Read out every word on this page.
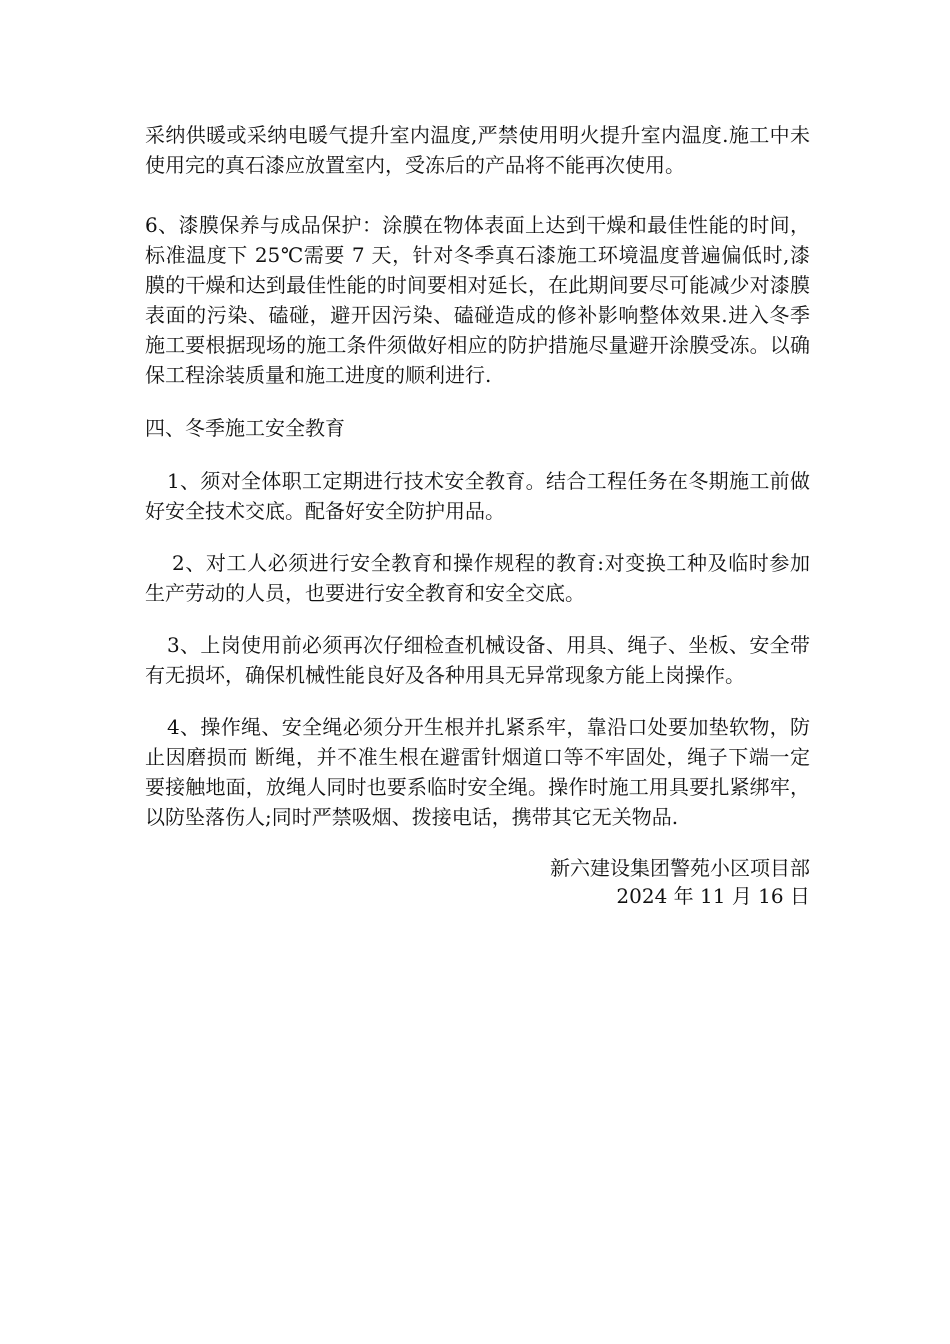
采纳供暖或采纳电暖气提升室内温度,严禁使用明火提升室内温度.施工中未使用完的真石漆应放置室内，受冻后的产品将不能再次使用。

6、漆膜保养与成品保护：涂膜在物体表面上达到干燥和最佳性能的时间，标准温度下 25℃需要 7 天，针对冬季真石漆施工环境温度普遍偏低时,漆膜的干燥和达到最佳性能的时间要相对延长，在此期间要尽可能减少对漆膜表面的污染、磕碰，避开因污染、磕碰造成的修补影响整体效果.进入冬季施工要根据现场的施工条件须做好相应的防护措施尽量避开涂膜受冻。以确保工程涂装质量和施工进度的顺利进行.

四、冬季施工安全教育

1、须对全体职工定期进行技术安全教育。结合工程任务在冬期施工前做好安全技术交底。配备好安全防护用品。

2、对工人必须进行安全教育和操作规程的教育:对变换工种及临时参加生产劳动的人员，也要进行安全教育和安全交底。

3、上岗使用前必须再次仔细检查机械设备、用具、绳子、坐板、安全带有无损坏，确保机械性能良好及各种用具无异常现象方能上岗操作。

4、操作绳、安全绳必须分开生根并扎紧系牢，靠沿口处要加垫软物，防止因磨损而 断绳，并不准生根在避雷针烟道口等不牢固处，绳子下端一定要接触地面，放绳人同时也要系临时安全绳。操作时施工用具要扎紧绑牢，以防坠落伤人;同时严禁吸烟、拨接电话，携带其它无关物品.

新六建设集团警苑小区项目部
2024 年 11 月 16 日
